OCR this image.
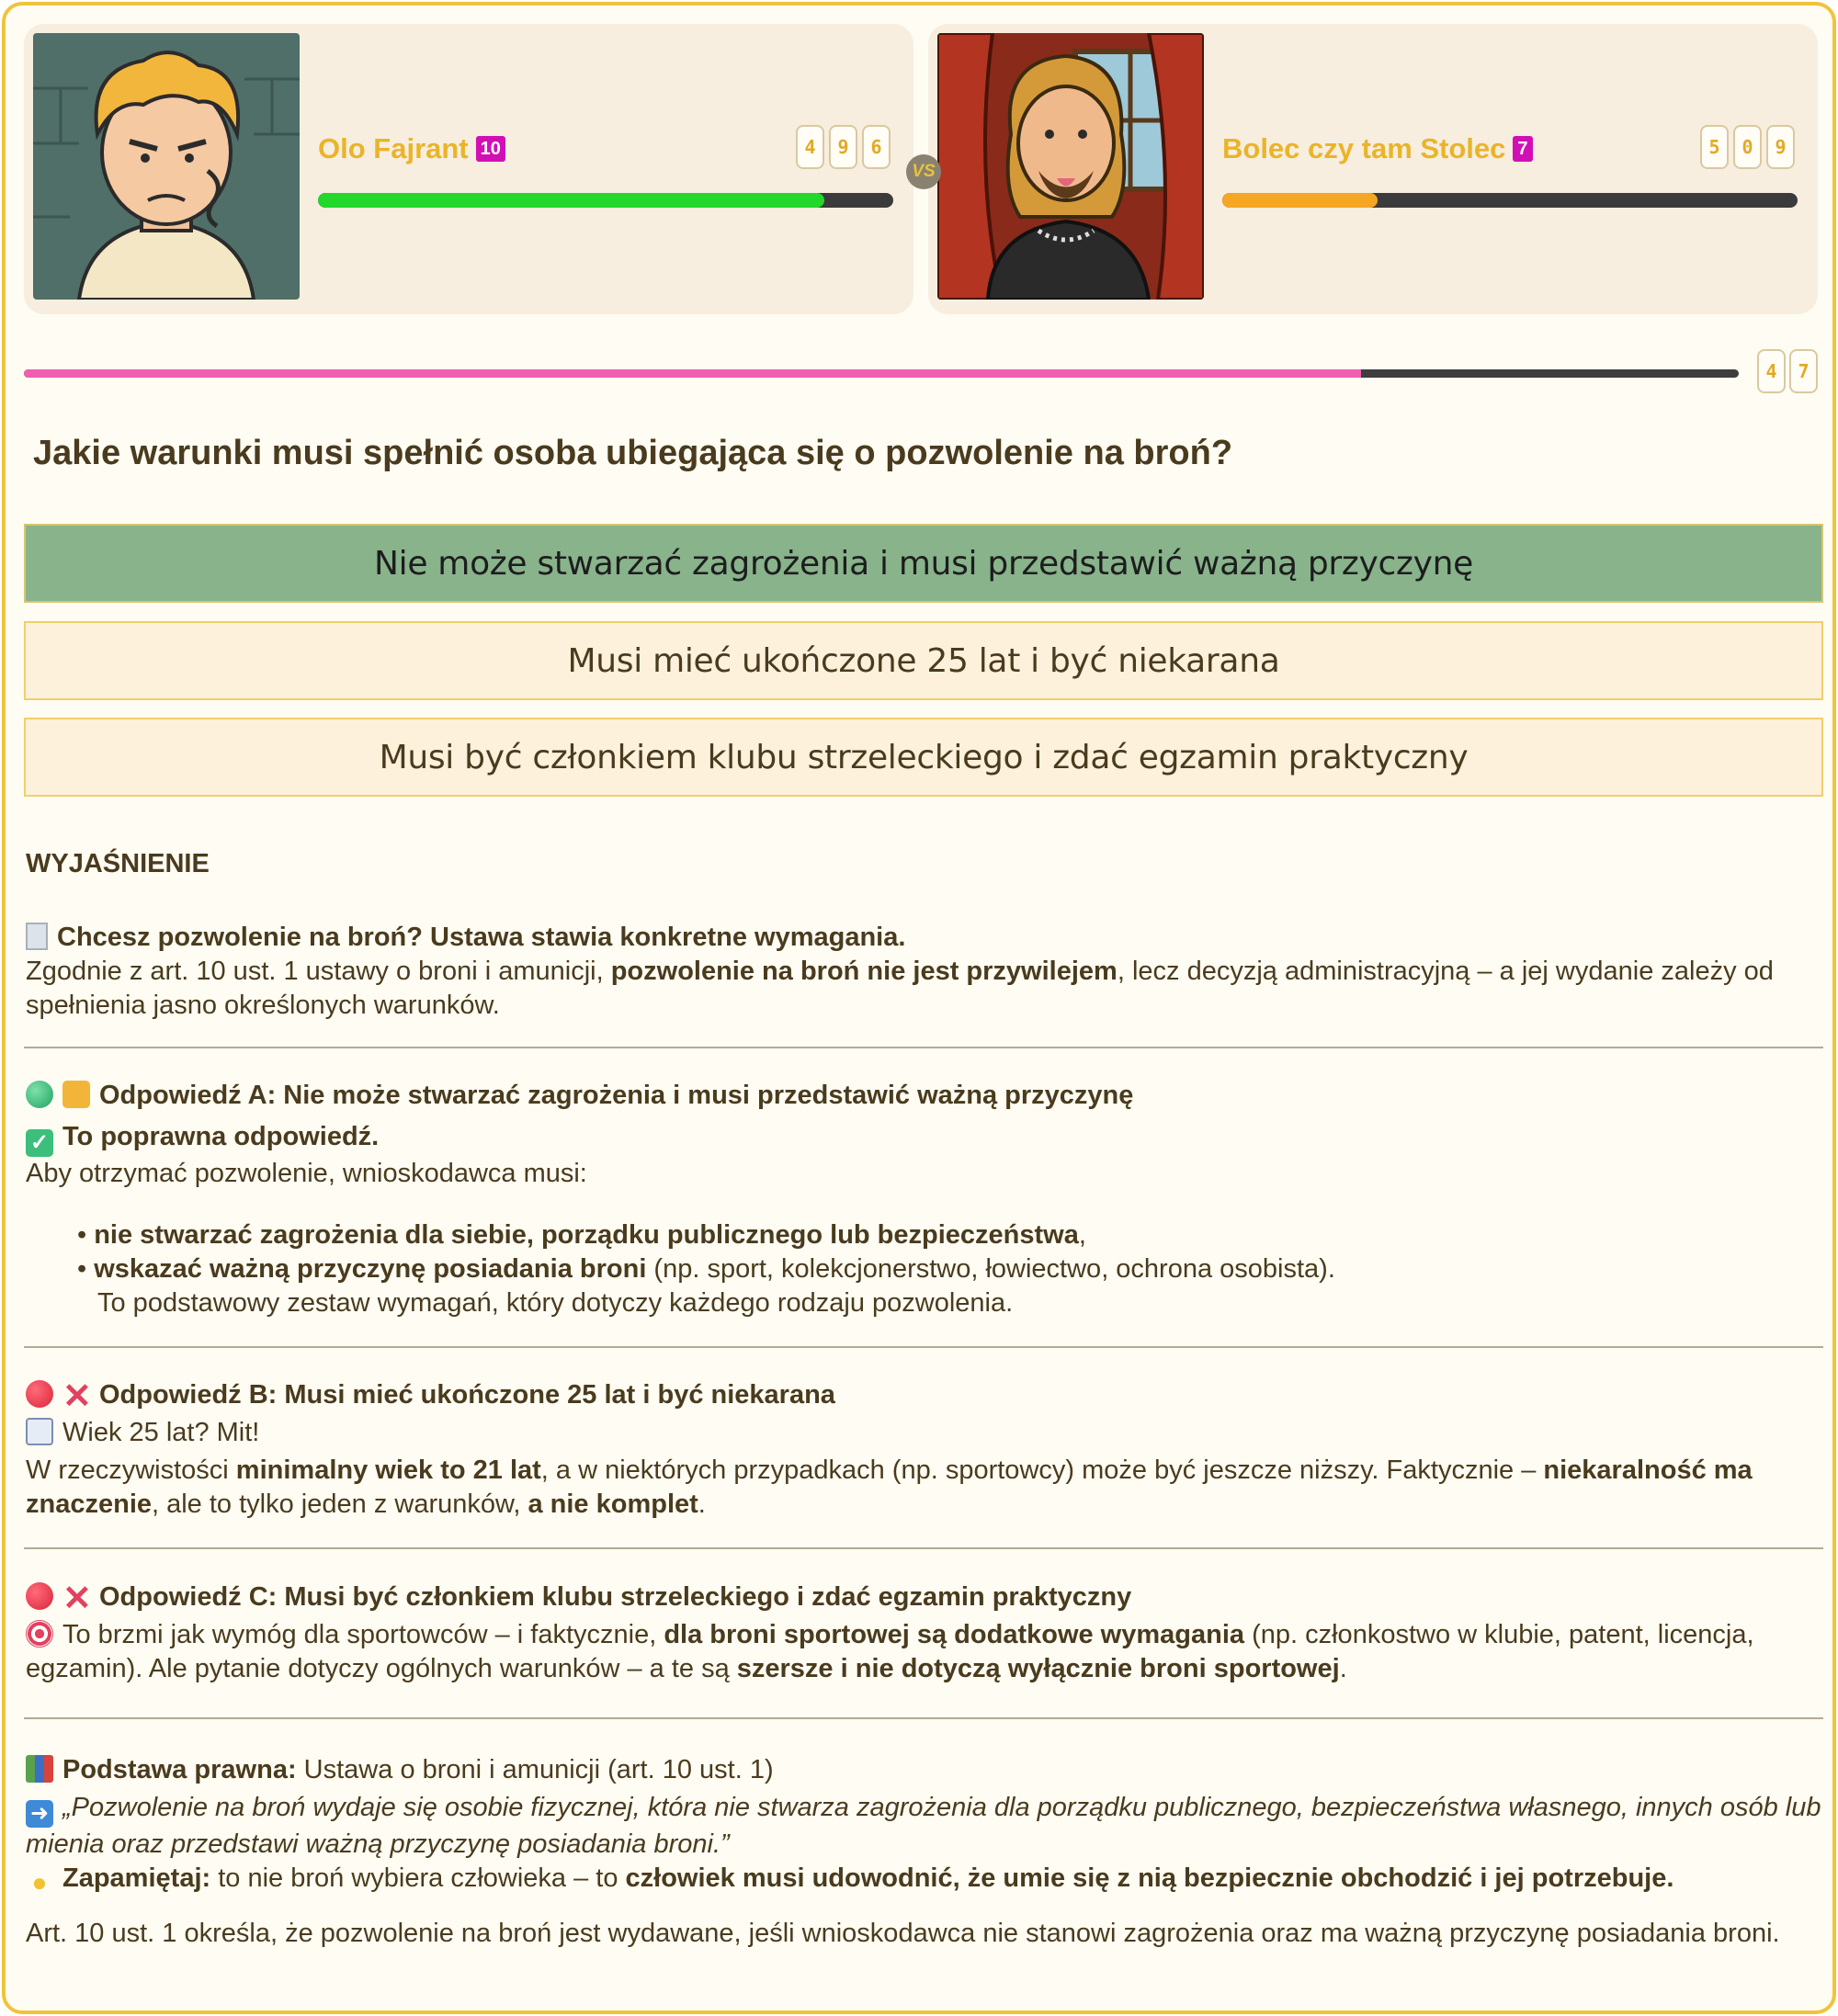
Olo Fajrant 10	4	9	6
VS
Bolec czy tam Stolec 7	5	0	9
4	7
Jakie warunki musi spełnić osoba ubiegająca się o pozwolenie na broń?
Nie może stwarzać zagrożenia i musi przedstawić ważną przyczynę
Musi mieć ukończone 25 lat i być niekarana
Musi być członkiem klubu strzeleckiego i zdać egzamin praktyczny
WYJAŚNIENIE
Chcesz pozwolenie na broń? Ustawa stawia konkretne wymagania.
Zgodnie z art. 10 ust. 1 ustawy o broni i amunicji, pozwolenie na broń nie jest przywilejem, lecz decyzją administracyjną – a jej wydanie zależy od spełnienia jasno określonych warunków.
Odpowiedź A: Nie może stwarzać zagrożenia i musi przedstawić ważną przyczynę
✓ To poprawna odpowiedź.
Aby otrzymać pozwolenie, wnioskodawca musi:
• nie stwarzać zagrożenia dla siebie, porządku publicznego lub bezpieczeństwa,
• wskazać ważną przyczynę posiadania broni (np. sport, kolekcjonerstwo, łowiectwo, ochrona osobista).
To podstawowy zestaw wymagań, który dotyczy każdego rodzaju pozwolenia.
✕ Odpowiedź B: Musi mieć ukończone 25 lat i być niekarana
Wiek 25 lat? Mit!
W rzeczywistości minimalny wiek to 21 lat, a w niektórych przypadkach (np. sportowcy) może być jeszcze niższy. Faktycznie – niekaralność ma znaczenie, ale to tylko jeden z warunków, a nie komplet.
✕ Odpowiedź C: Musi być członkiem klubu strzeleckiego i zdać egzamin praktyczny
To brzmi jak wymóg dla sportowców – i faktycznie, dla broni sportowej są dodatkowe wymagania (np. członkostwo w klubie, patent, licencja, egzamin). Ale pytanie dotyczy ogólnych warunków – a te są szersze i nie dotyczą wyłącznie broni sportowej.
Podstawa prawna: Ustawa o broni i amunicji (art. 10 ust. 1)
➜ „Pozwolenie na broń wydaje się osobie fizycznej, która nie stwarza zagrożenia dla porządku publicznego, bezpieczeństwa własnego, innych osób lub mienia oraz przedstawi ważną przyczynę posiadania broni.”
● Zapamiętaj: to nie broń wybiera człowieka – to człowiek musi udowodnić, że umie się z nią bezpiecznie obchodzić i jej potrzebuje.
Art. 10 ust. 1 określa, że pozwolenie na broń jest wydawane, jeśli wnioskodawca nie stanowi zagrożenia oraz ma ważną przyczynę posiadania broni.
